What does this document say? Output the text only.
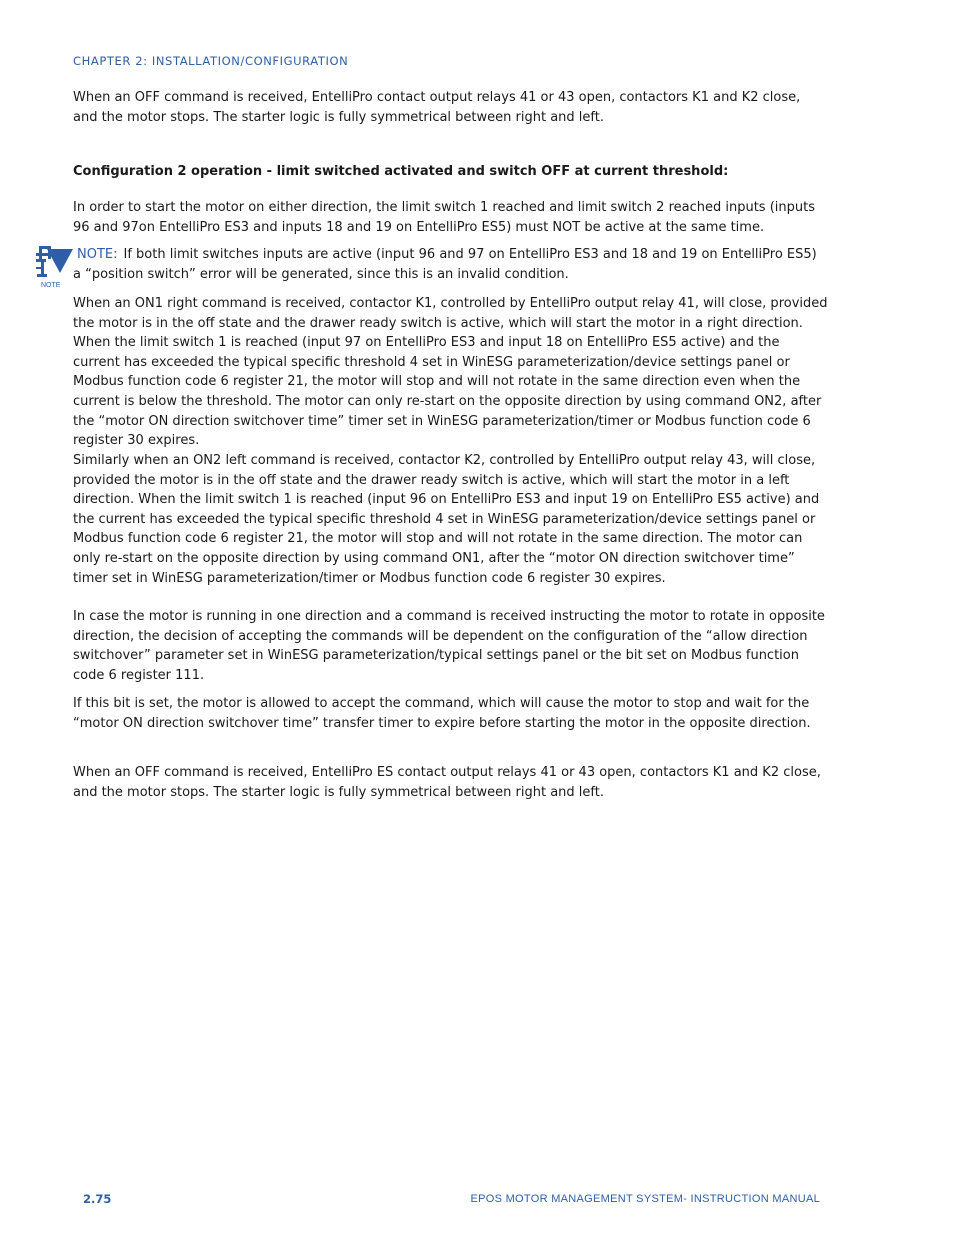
CHAPTER 2: INSTALLATION/CONFIGURATION

When an OFF command is received, EntelliPro contact output relays 41 or 43 open, contactors K1 and K2 close, and the motor stops. The starter logic is fully symmetrical between right and left.

Configuration 2 operation - limit switched activated and switch OFF at current threshold:

In order to start the motor on either direction, the limit switch 1 reached and limit switch 2 reached inputs (inputs 96 and 97on EntelliPro ES3 and inputs 18 and 19 on EntelliPro ES5) must NOT be active at the same time.

NOTE

NOTE: If both limit switches inputs are active (input 96 and 97 on EntelliPro ES3 and 18 and 19 on EntelliPro ES5) a “position switch” error will be generated, since this is an invalid condition.

When an ON1 right command is received, contactor K1, controlled by EntelliPro output relay 41, will close, provided the motor is in the off state and the drawer ready switch is active, which will start the motor in a right direction. When the limit switch 1 is reached (input 97 on EntelliPro ES3 and input 18 on EntelliPro ES5 active) and the current has exceeded the typical specific threshold 4 set in WinESG parameterization/device settings panel or Modbus function code 6 register 21, the motor will stop and will not rotate in the same direction even when the current is below the threshold. The motor can only re-start on the opposite direction by using command ON2, after the “motor ON direction switchover time” timer set in WinESG parameterization/timer or Modbus function code 6 register 30 expires.

Similarly when an ON2 left command is received, contactor K2, controlled by EntelliPro output relay 43, will close, provided the motor is in the off state and the drawer ready switch is active, which will start the motor in a left direction. When the limit switch 1 is reached (input 96 on EntelliPro ES3 and input 19 on EntelliPro ES5 active) and the current has exceeded the typical specific threshold 4 set in WinESG parameterization/device settings panel or Modbus function code 6 register 21, the motor will stop and will not rotate in the same direction. The motor can only re-start on the opposite direction by using command ON1, after the “motor ON direction switchover time” timer set in WinESG parameterization/timer or Modbus function code 6 register 30 expires.

In case the motor is running in one direction and a command is received instructing the motor to rotate in opposite direction, the decision of accepting the commands will be dependent on the configuration of the “allow direction switchover” parameter set in WinESG parameterization/typical settings panel or the bit set on Modbus function code 6 register 111.

If this bit is set, the motor is allowed to accept the command, which will cause the motor to stop and wait for the “motor ON direction switchover time” transfer timer to expire before starting the motor in the opposite direction.

When an OFF command is received, EntelliPro ES contact output relays 41 or 43 open, contactors K1 and K2 close, and the motor stops. The starter logic is fully symmetrical between right and left.

2.75	EPOS MOTOR MANAGEMENT SYSTEM- INSTRUCTION MANUAL
